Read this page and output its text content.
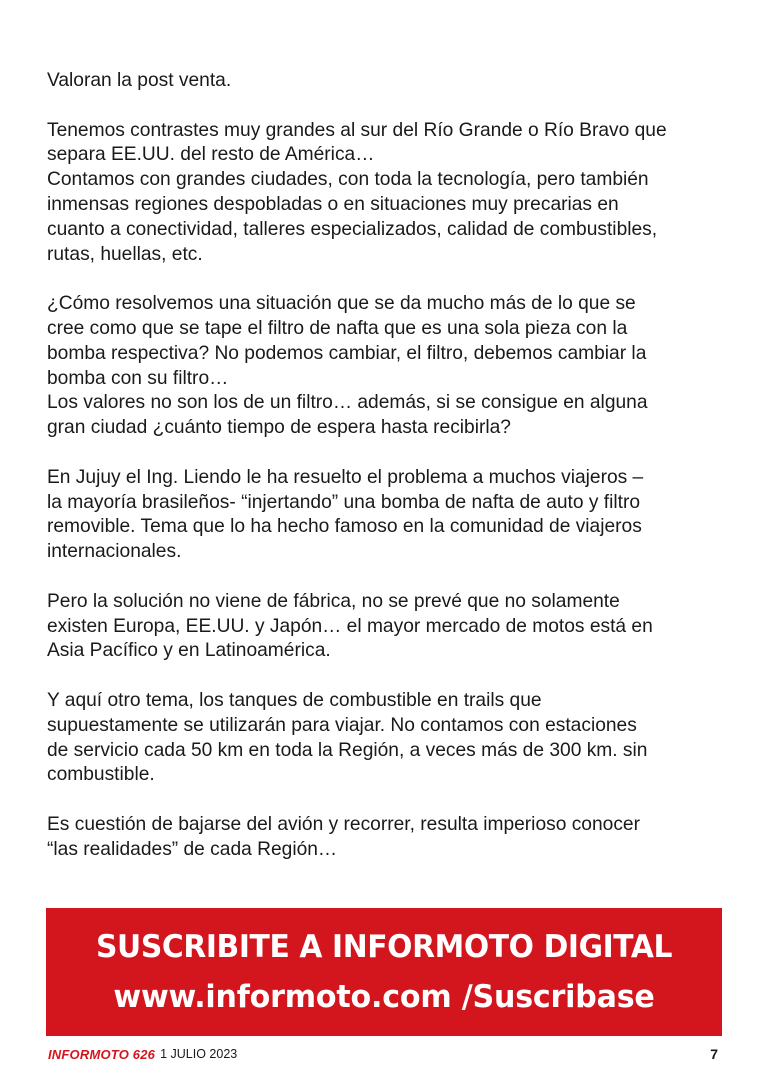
Valoran la post venta.

Tenemos contrastes muy grandes al sur del Río Grande o Río Bravo que
separa EE.UU. del resto de América…
Contamos con grandes ciudades, con toda la tecnología, pero también
inmensas regiones despobladas o en situaciones muy precarias en
cuanto a conectividad, talleres especializados, calidad de combustibles,
rutas, huellas, etc.

¿Cómo resolvemos una situación que se da mucho más de lo que se
cree como que se tape el filtro de nafta que es una sola pieza con la
bomba respectiva? No podemos cambiar, el filtro, debemos cambiar la
bomba con su filtro…
Los valores no son los de un filtro… además, si se consigue en alguna
gran ciudad ¿cuánto tiempo de espera hasta recibirla?

En Jujuy el Ing. Liendo le ha resuelto el problema a muchos viajeros –
la mayoría brasileños- “injertando” una bomba de nafta de auto y filtro
removible. Tema que lo ha hecho famoso en la comunidad de viajeros
internacionales.

Pero la solución no viene de fábrica, no se prevé que no solamente
existen Europa, EE.UU. y Japón… el mayor mercado de motos está en
Asia Pacífico y en Latinoamérica.

Y aquí otro tema, los tanques de combustible en trails que
supuestamente se utilizarán para viajar. No contamos con estaciones
de servicio cada 50 km en toda la Región, a veces más de 300 km. sin
combustible.

Es cuestión de bajarse del avión y recorrer, resulta imperioso conocer
“las realidades” de cada Región…

SUSCRIBITE A INFORMOTO DIGITAL
www.informoto.com /Suscribase
INFORMOTO 626 1 JULIO 2023	7
